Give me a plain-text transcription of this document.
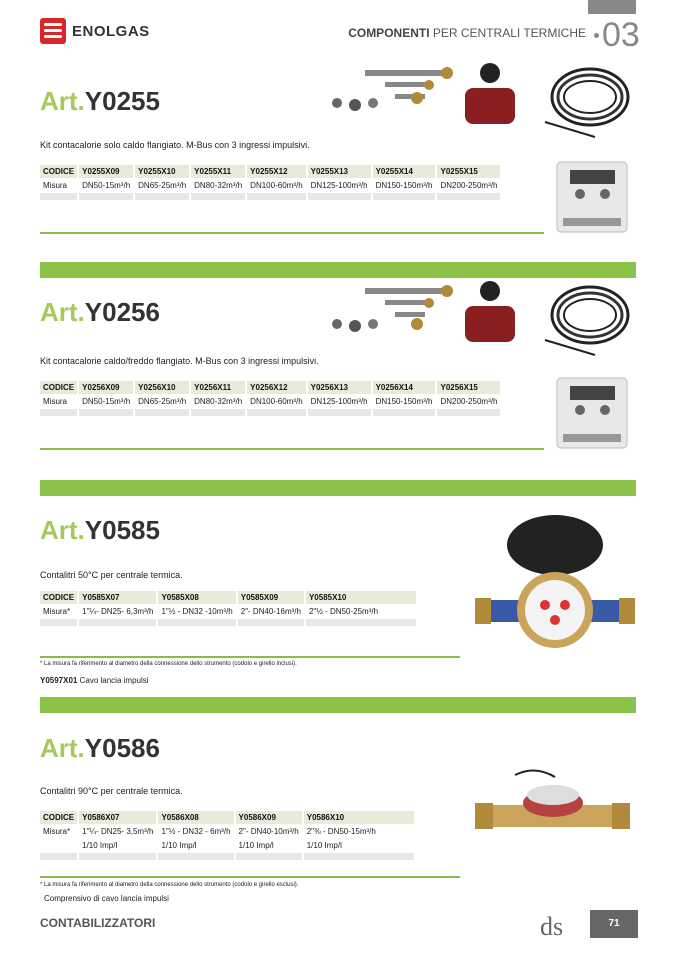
ENOLGAS	COMPONENTI PER CENTRALI TERMICHE 03
Art.Y0255
Kit contacalorie solo caldo flangiato. M-Bus con 3 ingressi impulsivi.
CODICE	Y0255X09	Y0255X10	Y0255X11	Y0255X12	Y0255X13	Y0255X14	Y0255X15
Misura	DN50-15m³/h	DN65-25m³/h	DN80-32m³/h	DN100-60m³/h	DN125-100m³/h	DN150-150m³/h	DN200-250m³/h

Art.Y0256
Kit contacalorie caldo/freddo flangiato. M-Bus con 3 ingressi impulsivi.
CODICE	Y0256X09	Y0256X10	Y0256X11	Y0256X12	Y0256X13	Y0256X14	Y0256X15
Misura	DN50-15m³/h	DN65-25m³/h	DN80-32m³/h	DN100-60m³/h	DN125-100m³/h	DN150-150m³/h	DN200-250m³/h

Art.Y0585
Contalitri 50°C per centrale termica.
CODICE	Y0585X07	Y0585X08	Y0585X09	Y0585X10
Misura*	1"¼- DN25- 6,3m³/h	1"½ - DN32 -10m³/h	2"- DN40-16m³/h	2"½ - DN50-25m³/h

* La misura fa riferimento al diametro della connessione dello strumento (codolo e girello inclusi).
Y0597X01 Cavo lancia impulsi
Art.Y0586
Contalitri 90°C per centrale termica.
CODICE	Y0586X07	Y0586X08	Y0586X09	Y0586X10
Misura*	1"¼- DN25- 3,5m³/h	1"½ - DN32 - 6m³/h	2"- DN40-10m³/h	2"⅜ - DN50-15m³/h
	1/10 Imp/l	1/10 Imp/l	1/10 Imp/l	1/10 Imp/l

* La misura fa riferimento al diametro della connessione dello strumento (codolo e girello esclusi).
Comprensivo di cavo lancia impulsi
CONTABILIZZATORI	ds	71
